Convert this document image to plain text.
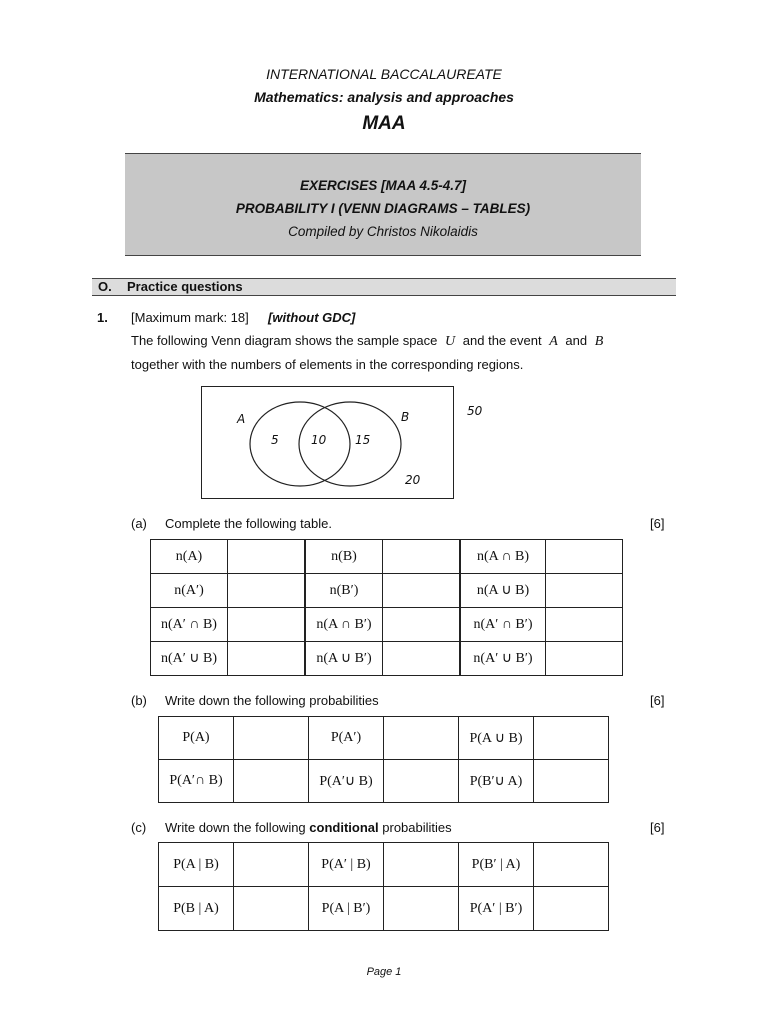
INTERNATIONAL BACCALAUREATE
Mathematics: analysis and approaches
MAA
EXERCISES [MAA 4.5-4.7]
PROBABILITY I (VENN DIAGRAMS – TABLES)
Compiled by Christos Nikolaidis
O. Practice questions
1. [Maximum mark: 18] [without GDC]
The following Venn diagram shows the sample space U and the event A and B
together with the numbers of elements in the corresponding regions.
A	B
5	10 15
20
50
(a) Complete the following table.	[6]
n(A)		n(B)		n(A ∩ B)	
n(A′)		n(B′)		n(A ∪ B)	
n(A′ ∩ B)		n(A ∩ B′)		n(A′ ∩ B′)	
n(A′ ∪ B)		n(A ∪ B′)		n(A′ ∪ B′)	
(b) Write down the following probabilities	[6]
P(A)		P(A′)		P(A ∪ B)	
P(A′∩ B)		P(A′∪ B)		P(B′∪ A)	
(c) Write down the following conditional probabilities	[6]
P(A | B)		P(A′ | B)		P(B′ | A)	
P(B | A)		P(A | B′)		P(A′ | B′)	
Page 1
